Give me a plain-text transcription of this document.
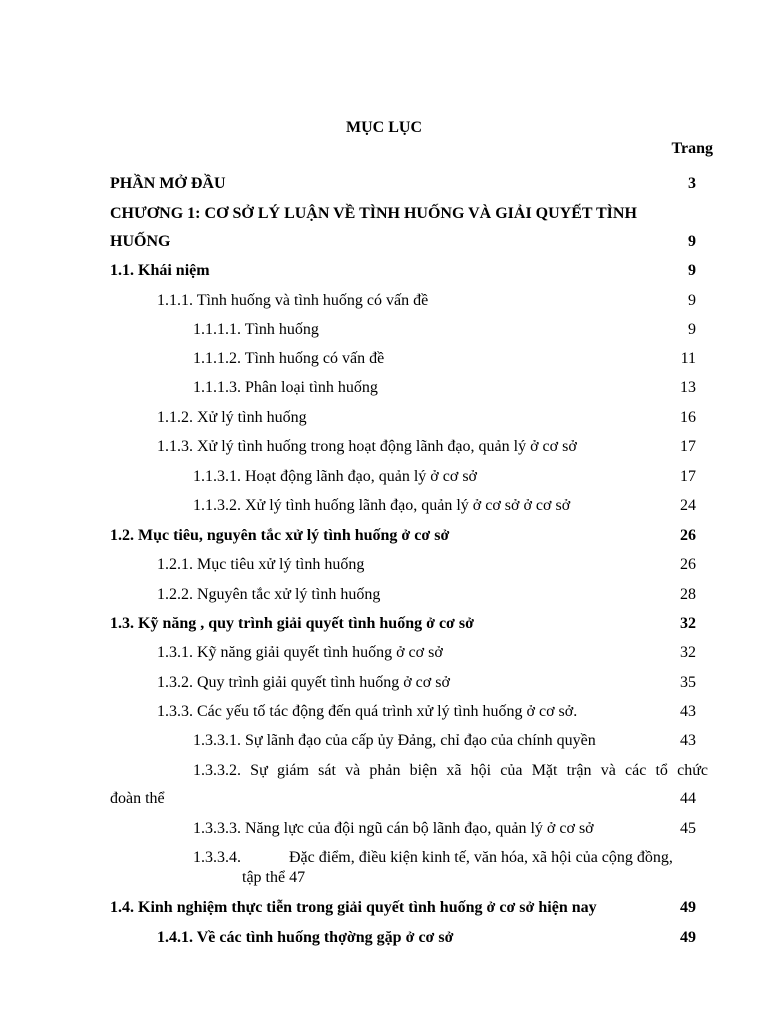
MỤC LỤC
Trang
PHẦN MỞ ĐẦU	3
CHƯƠNG 1: CƠ SỞ LÝ LUẬN VỀ TÌNH HUỐNG VÀ GIẢI QUYẾT TÌNH
HUỐNG	9
1.1. Khái niệm	9
1.1.1. Tình huống và tình huống có vấn đề	9
1.1.1.1. Tình huống	9
1.1.1.2. Tình huống có vấn đề	11
1.1.1.3. Phân loại tình huống	13
1.1.2. Xử lý tình huống	16
1.1.3. Xử lý tình huống trong hoạt động lãnh đạo, quản lý ở cơ sở	17
1.1.3.1. Hoạt động lãnh đạo, quản lý ở cơ sở	17
1.1.3.2. Xử lý tình huống lãnh đạo, quản lý ở cơ sở ở cơ sở	24
1.2. Mục tiêu, nguyên tắc xử lý tình huống ở cơ sở	26
1.2.1. Mục tiêu xử lý tình huống	26
1.2.2. Nguyên tắc xử lý tình huống	28
1.3. Kỹ năng , quy trình giải quyết tình huống ở cơ sở	32
1.3.1. Kỹ năng giải quyết tình huống ở cơ sở	32
1.3.2. Quy trình giải quyết tình huống ở cơ sở	35
1.3.3. Các yếu tố tác động đến quá trình xử lý tình huống ở cơ sở.	43
1.3.3.1. Sự lãnh đạo của cấp ủy Đảng, chỉ đạo của chính quyền	43
1.3.3.2. Sự giám sát và phản biện xã hội của Mặt trận và các tổ chức
đoàn thể	44
1.3.3.3. Năng lực của đội ngũ cán bộ lãnh đạo, quản lý ở cơ sở	45
1.3.3.4.	Đặc điểm, điều kiện kinh tế, văn hóa, xã hội của cộng đồng,
tập thể 47
1.4. Kinh nghiệm thực tiễn trong giải quyết tình huống ở cơ sở hiện nay	49
1.4.1. Về các tình huống thợờng gặp ở cơ sở	49
